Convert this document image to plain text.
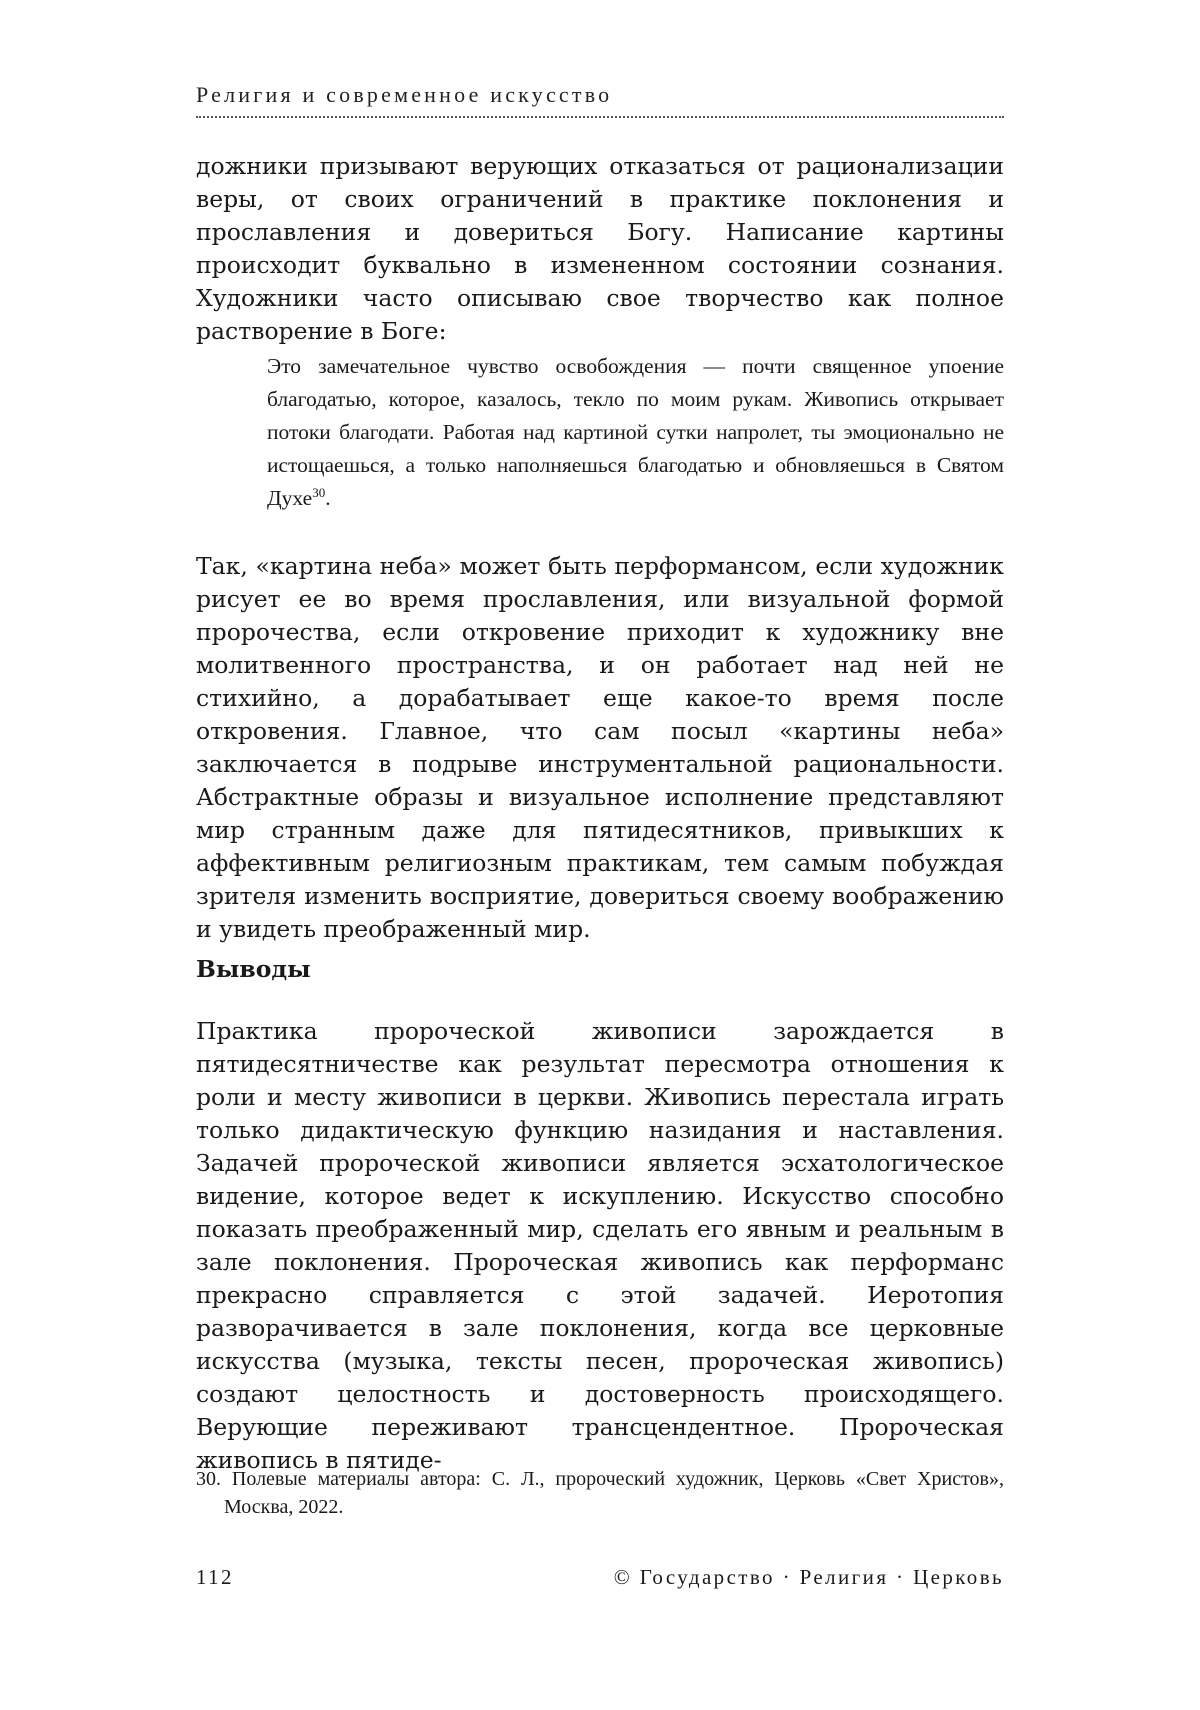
Религия и современное искусство

дожники призывают верующих отказаться от рационализации веры, от своих ограничений в практике поклонения и прославления и довериться Богу. Написание картины происходит буквально в измененном состоянии сознания. Художники часто описываю свое творчество как полное растворение в Боге:

Это замечательное чувство освобождения — почти священное упоение благодатью, которое, казалось, текло по моим рукам. Живопись открывает потоки благодати. Работая над картиной сутки напролет, ты эмоционально не истощаешься, а только наполняешься благодатью и обновляешься в Святом Духе$^{30}$.

Так, «картина неба» может быть перформансом, если художник рисует ее во время прославления, или визуальной формой пророчества, если откровение приходит к художнику вне молитвенного пространства, и он работает над ней не стихийно, а дорабатывает еще какое-то время после откровения. Главное, что сам посыл «картины неба» заключается в подрыве инструментальной рациональности. Абстрактные образы и визуальное исполнение представляют мир странным даже для пятидесятников, привыкших к аффективным религиозным практикам, тем самым побуждая зрителя изменить восприятие, довериться своему воображению и увидеть преображенный мир.

Выводы

Практика пророческой живописи зарождается в пятидесятничестве как результат пересмотра отношения к роли и месту живописи в церкви. Живопись перестала играть только дидактическую функцию назидания и наставления. Задачей пророческой живописи является эсхатологическое видение, которое ведет к искуплению. Искусство способно показать преображенный мир, сделать его явным и реальным в зале поклонения. Пророческая живопись как перформанс прекрасно справляется с этой задачей. Иеротопия разворачивается в зале поклонения, когда все церковные искусства (музыка, тексты песен, пророческая живопись) создают целостность и достоверность происходящего. Верующие переживают трансцендентное. Пророческая живопись в пятиде-

30. Полевые материалы автора: С. Л., пророческий художник, Церковь «Свет Христов», Москва, 2022.
112	© Государство · Религия · Церковь
